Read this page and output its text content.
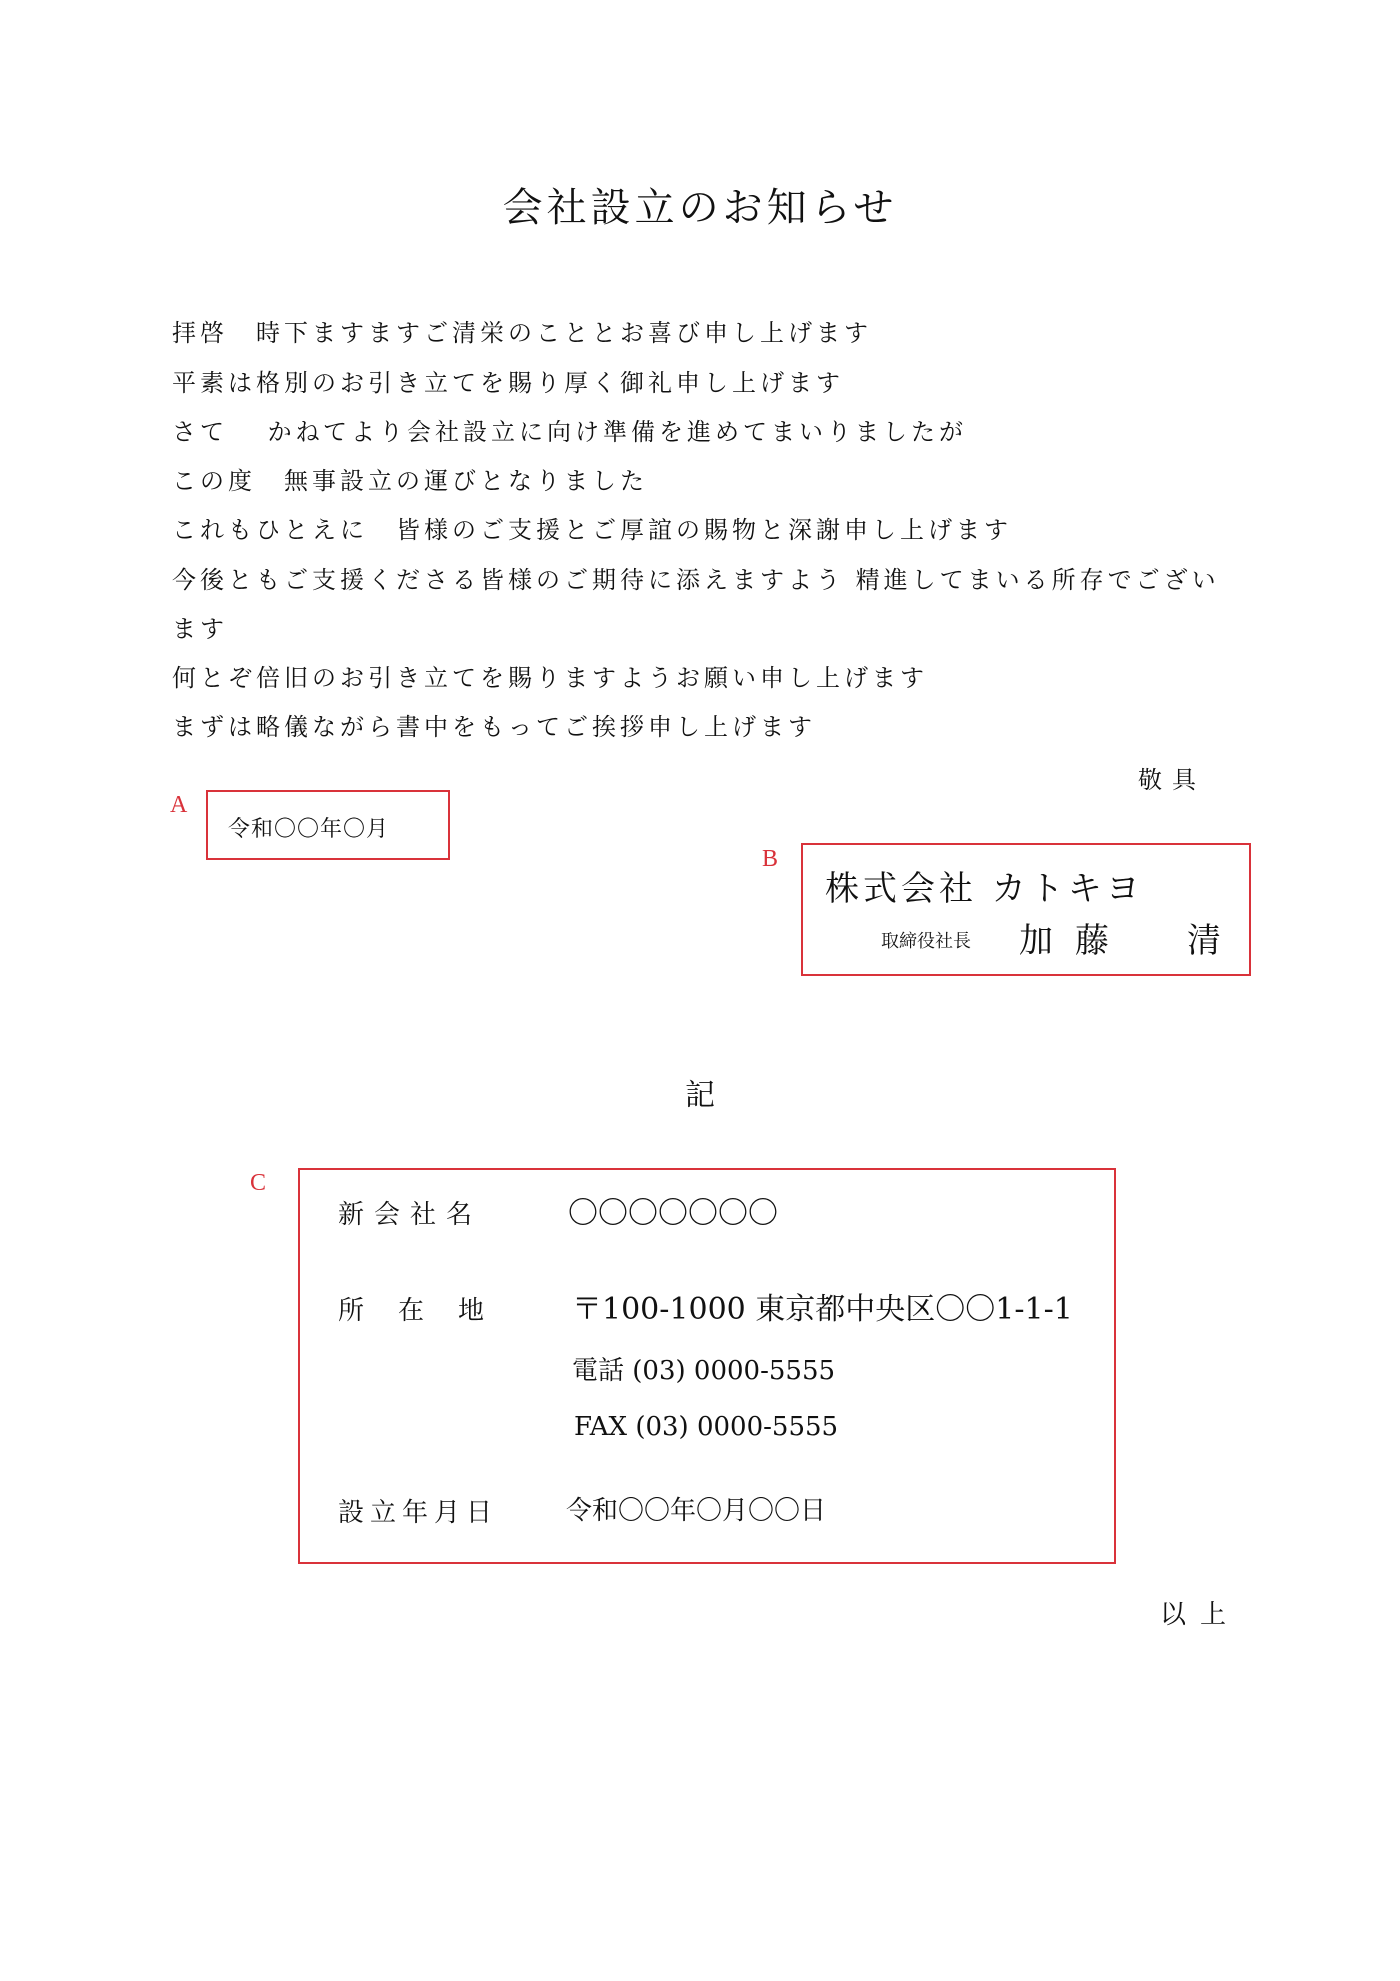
会社設立のお知らせ
拝啓　時下ますますご清栄のこととお喜び申し上げます
平素は格別のお引き立てを賜り厚く御礼申し上げます
さて　 かねてより会社設立に向け準備を進めてまいりましたが
この度　無事設立の運びとなりました
これもひとえに　皆様のご支援とご厚誼の賜物と深謝申し上げます
今後ともご支援くださる皆様のご期待に添えますよう 精進してまいる所存でござい
ます
何とぞ倍旧のお引き立てを賜りますようお願い申し上げます
まずは略儀ながら書中をもってご挨拶申し上げます
敬具
A
令和〇〇年〇月
B
株式会社 カトキヨ
取締役社長 加藤　清
記
C
新会社名	〇〇〇〇〇〇〇
所　在　地	〒100-1000 東京都中央区〇〇1-1-1
電話 (03) 0000-5555
FAX (03) 0000-5555
設立年月日	令和〇〇年〇月〇〇日
以上
